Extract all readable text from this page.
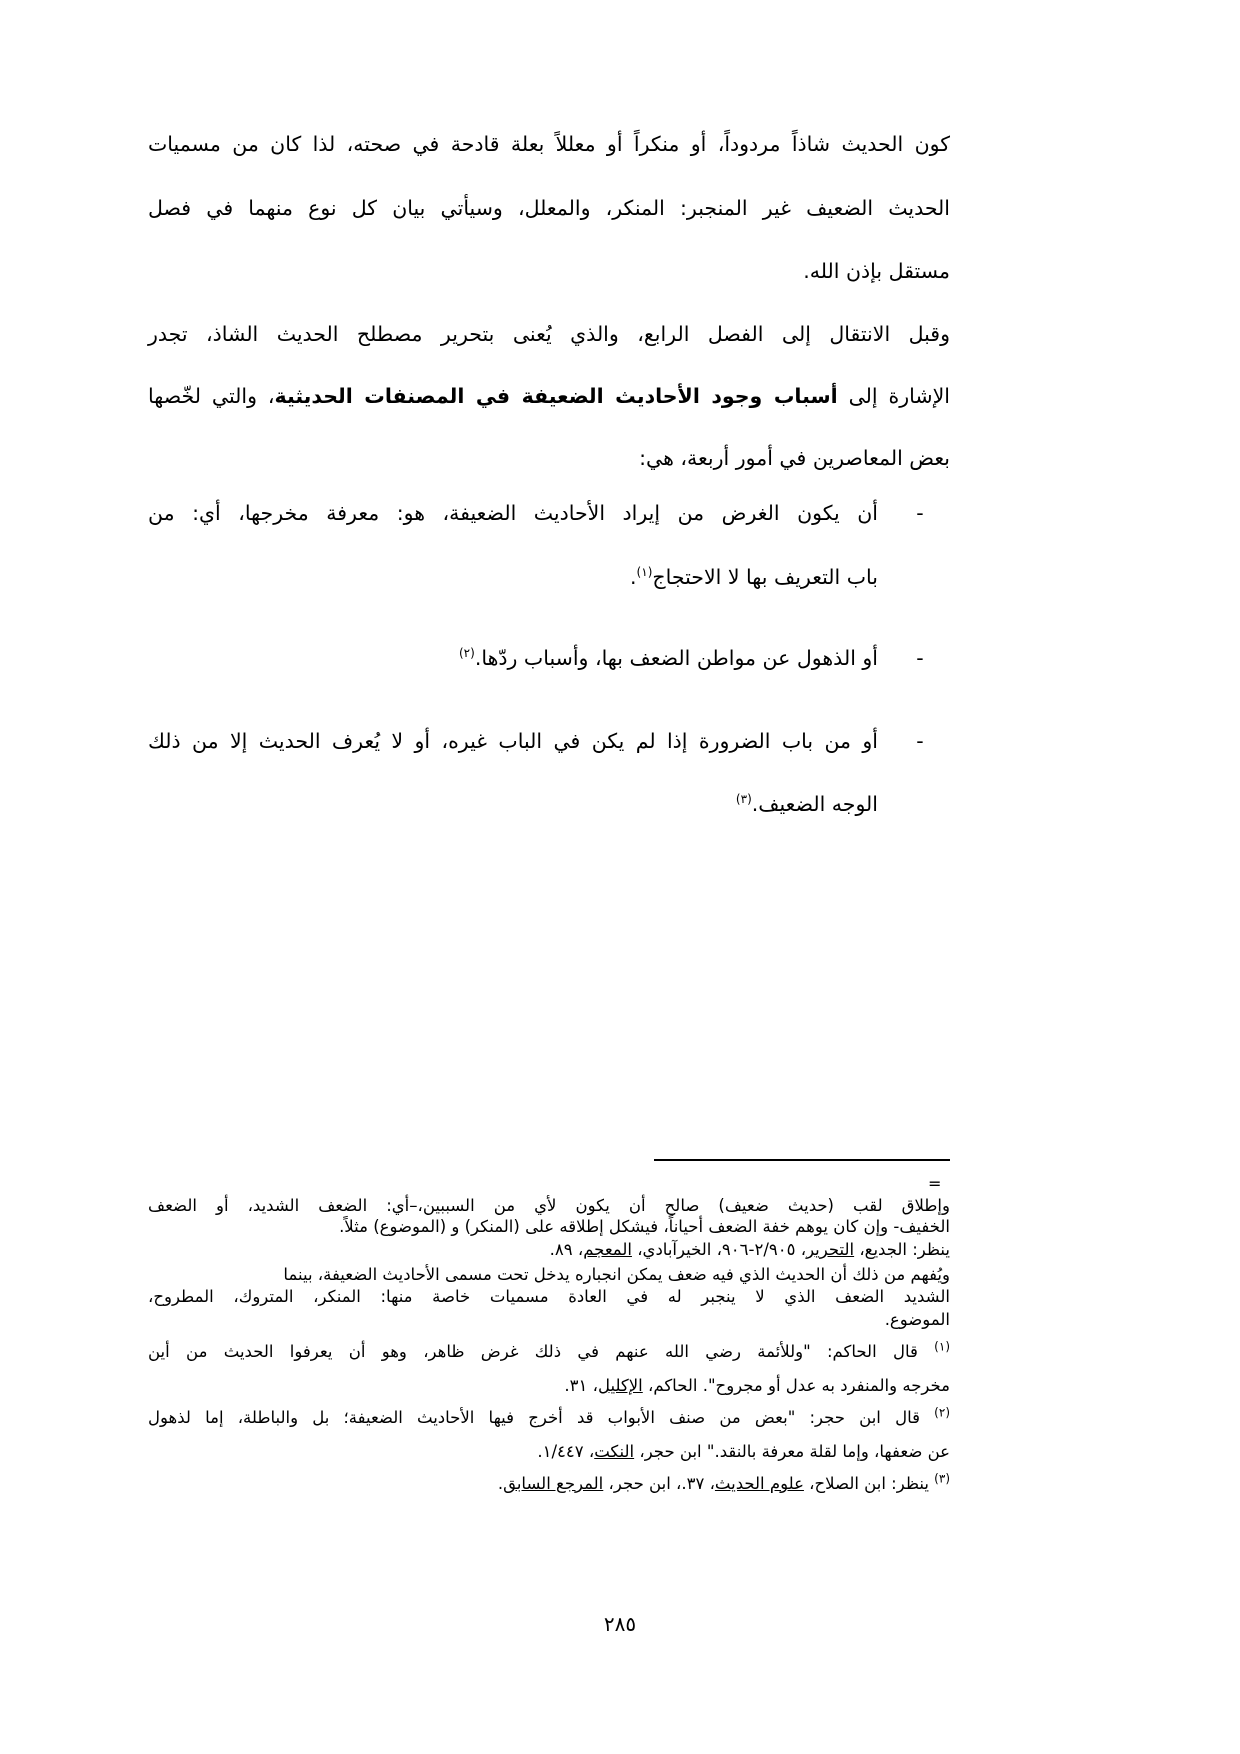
كون الحديث شاذاً مردوداً، أو منكراً أو معللاً بعلة قادحة في صحته، لذا كان من مسميات
الحديث الضعيف غير المنجبر: المنكر، والمعلل، وسيأتي بيان كل نوع منهما في فصل
مستقل بإذن الله.
وقبل الانتقال إلى الفصل الرابع، والذي يُعنى بتحرير مصطلح الحديث الشاذ، تجدر
الإشارة إلى أسباب وجود الأحاديث الضعيفة في المصنفات الحديثية، والتي لخّصها
بعض المعاصرين في أمور أربعة، هي:
-
أن يكون الغرض من إيراد الأحاديث الضعيفة، هو: معرفة مخرجها، أي: من
باب التعريف بها لا الاحتجاج$^{(١)}$.
-
أو الذهول عن مواطن الضعف بها، وأسباب ردّها.$^{(٢)}$
-
أو من باب الضرورة إذا لم يكن في الباب غيره، أو لا يُعرف الحديث إلا من ذلك
الوجه الضعيف.$^{(٣)}$
=
وإطلاق لقب (حديث ضعيف) صالح أن يكون لأي من السببين،–أي: الضعف الشديد، أو الضعف
الخفيف- وإن كان يوهم خفة الضعف أحياناً، فيشكل إطلاقه على (المنكر) و (الموضوع) مثلاً.
ينظر: الجديع، التحرير، ٢/٩٠٥-٩٠٦، الخيرآبادي، المعجم، ٨٩.
ويُفهم من ذلك أن الحديث الذي فيه ضعف يمكن انجباره يدخل تحت مسمى الأحاديث الضعيفة، بينما
الشديد الضعف الذي لا ينجبر له في العادة مسميات خاصة منها: المنكر، المتروك، المطروح،
الموضوع.
$^{(١)}$ قال الحاكم: "وللأئمة رضي الله عنهم في ذلك غرض ظاهر، وهو أن يعرفوا الحديث من أين
مخرجه والمنفرد به عدل أو مجروح". الحاكم، الإكليل، ٣١.
$^{(٢)}$ قال ابن حجر: "بعض من صنف الأبواب قد أخرج فيها الأحاديث الضعيفة؛ بل والباطلة، إما لذهول
عن ضعفها، وإما لقلة معرفة بالنقد." ابن حجر، النكت، ١/٤٤٧.
$^{(٣)}$ ينظر: ابن الصلاح، علوم الحديث، ٣٧.، ابن حجر، المرجع السابق.
٢٨٥
